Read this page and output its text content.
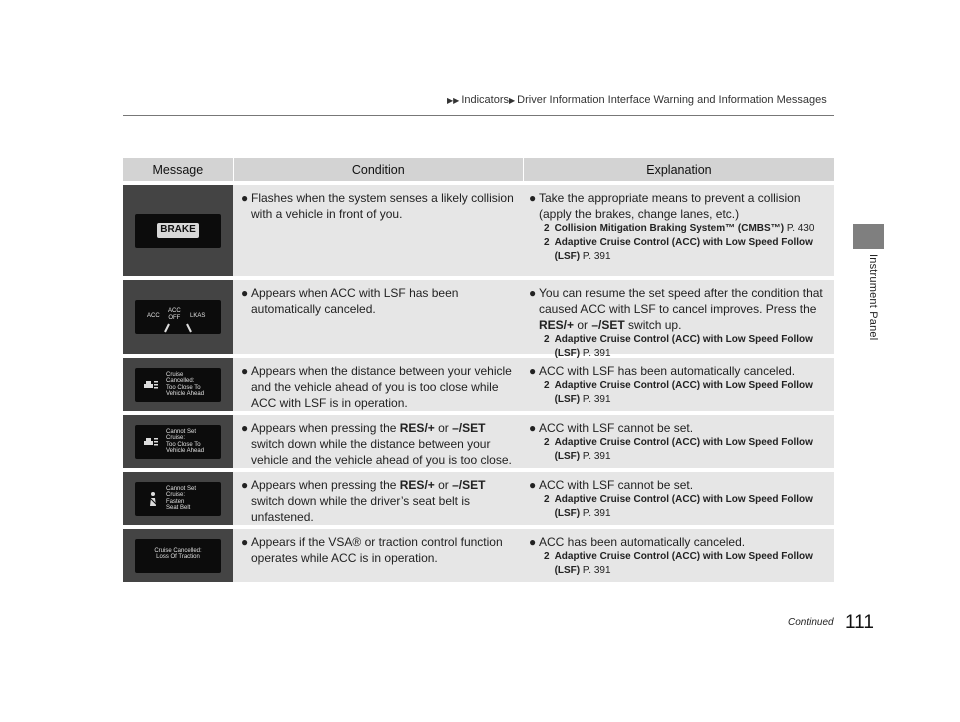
▶▶ Indicators▶ Driver Information Interface Warning and Information Messages
Instrument Panel
Message	Condition	Explanation
BRAKE
● Flashes when the system senses a likely collision with a vehicle in front of you.
● Take the appropriate means to prevent a collision (apply the brakes, change lanes, etc.)
2 Collision Mitigation Braking System™ (CMBS™) P. 430
2 Adaptive Cruise Control (ACC) with Low Speed Follow (LSF) P. 391
ACC
ACC
OFF LKAS
● Appears when ACC with LSF has been automatically canceled.
● You can resume the set speed after the condition that caused ACC with LSF to cancel improves. Press the RES/+ or –/SET switch up.
2 Adaptive Cruise Control (ACC) with Low Speed Follow (LSF) P. 391
Cruise
Cancelled:
Too Close To
Vehicle Ahead
● Appears when the distance between your vehicle and the vehicle ahead of you is too close while ACC with LSF is in operation.
● ACC with LSF has been automatically canceled.
2 Adaptive Cruise Control (ACC) with Low Speed Follow (LSF) P. 391
Cannot Set
Cruise:
Too Close To
Vehicle Ahead
● Appears when pressing the RES/+ or –/SET switch down while the distance between your vehicle and the vehicle ahead of you is too close.
● ACC with LSF cannot be set.
2 Adaptive Cruise Control (ACC) with Low Speed Follow (LSF) P. 391
Cannot Set
Cruise:
Fasten
Seat Belt
● Appears when pressing the RES/+ or –/SET switch down while the driver’s seat belt is unfastened.
● ACC with LSF cannot be set.
2 Adaptive Cruise Control (ACC) with Low Speed Follow (LSF) P. 391
Cruise Cancelled:
Loss Of Traction
● Appears if the VSA® or traction control function operates while ACC is in operation.
● ACC has been automatically canceled.
2 Adaptive Cruise Control (ACC) with Low Speed Follow (LSF) P. 391
Continued 111
